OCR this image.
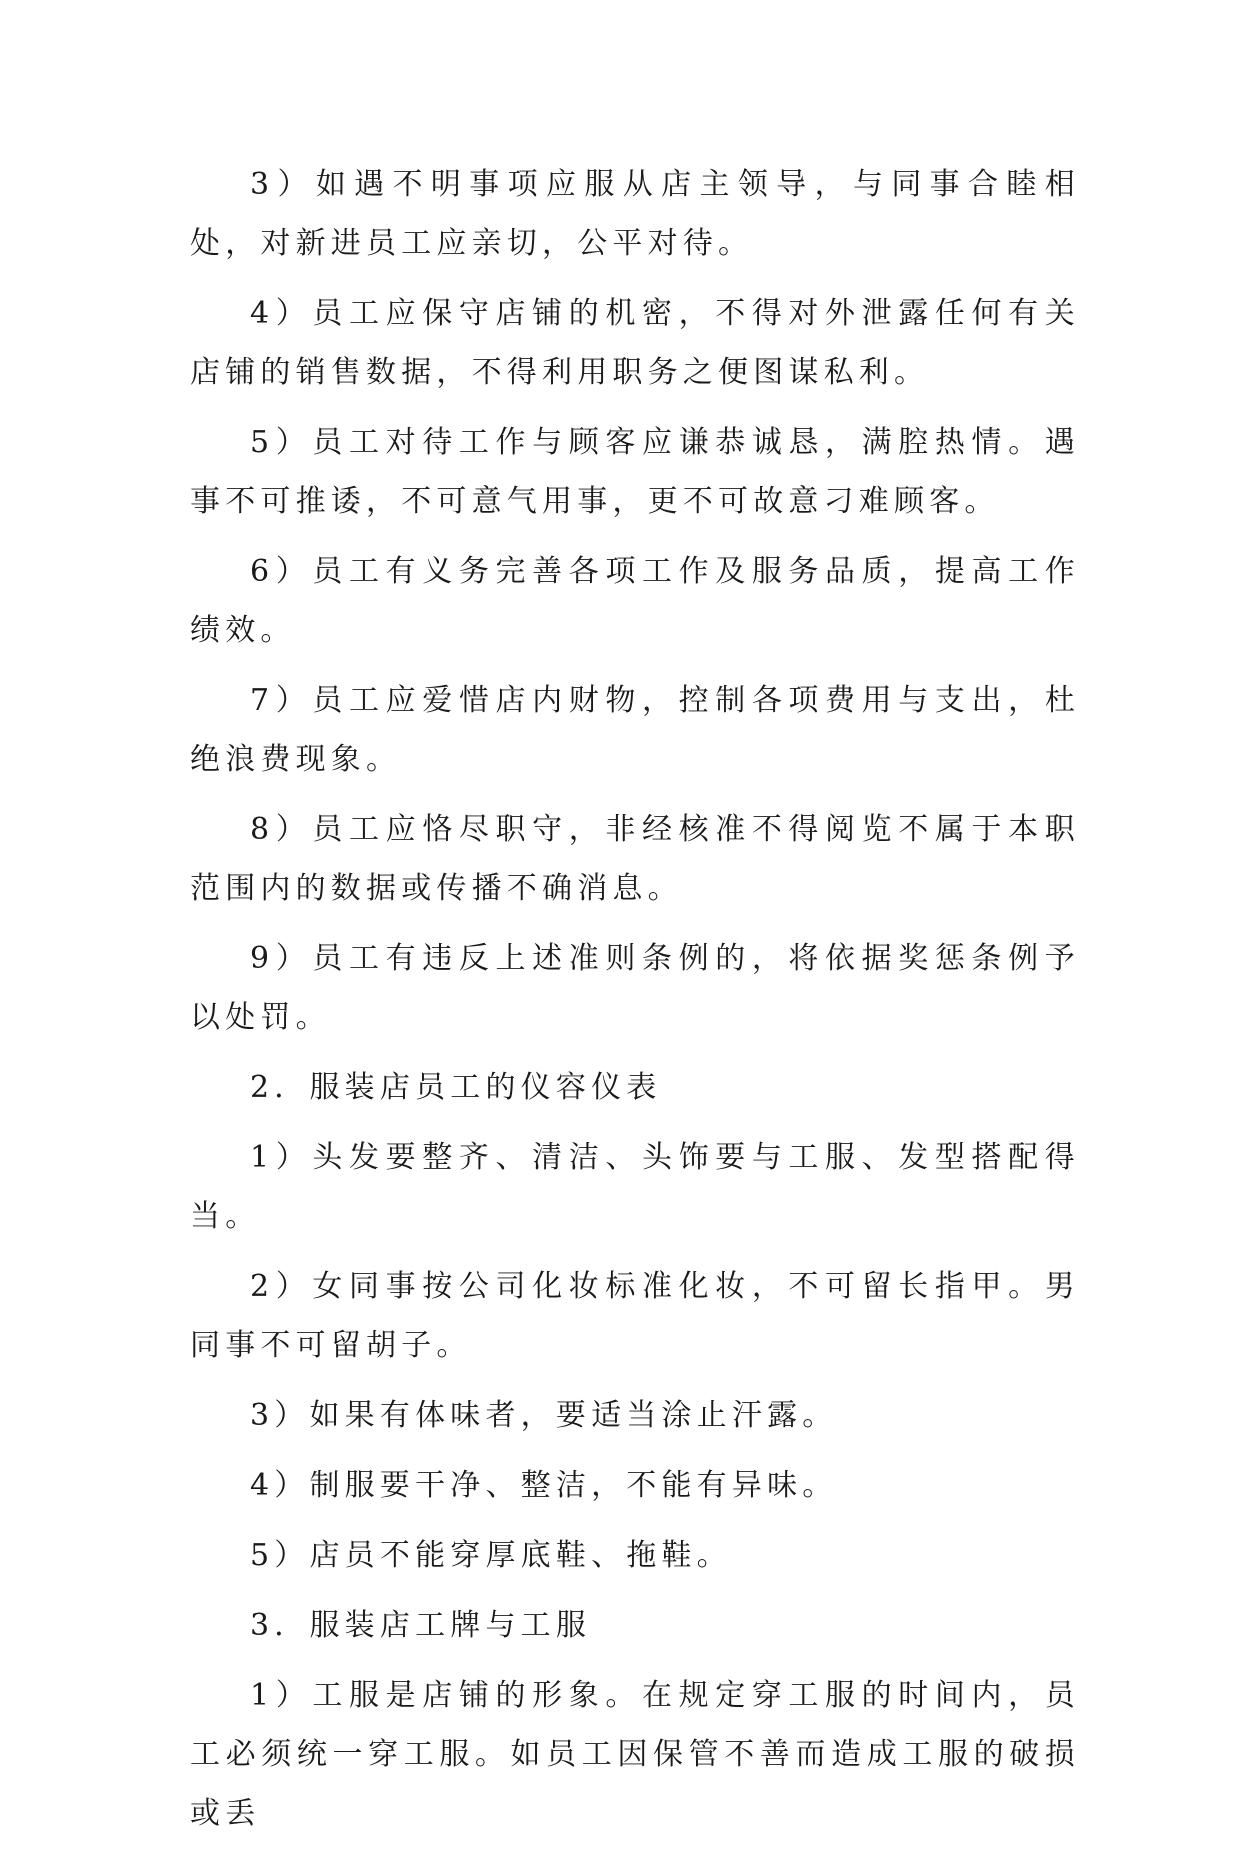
3）如遇不明事项应服从店主领导，与同事合睦相处，对新进员工应亲切，公平对待。

4）员工应保守店铺的机密，不得对外泄露任何有关店铺的销售数据，不得利用职务之便图谋私利。

5）员工对待工作与顾客应谦恭诚恳，满腔热情。遇事不可推诿，不可意气用事，更不可故意刁难顾客。

6）员工有义务完善各项工作及服务品质，提高工作绩效。

7）员工应爱惜店内财物，控制各项费用与支出，杜绝浪费现象。

8）员工应恪尽职守，非经核准不得阅览不属于本职范围内的数据或传播不确消息。

9）员工有违反上述准则条例的，将依据奖惩条例予以处罚。

2．服装店员工的仪容仪表

1）头发要整齐、清洁、头饰要与工服、发型搭配得当。

2）女同事按公司化妆标准化妆，不可留长指甲。男同事不可留胡子。

3）如果有体味者，要适当涂止汗露。

4）制服要干净、整洁，不能有异味。

5）店员不能穿厚底鞋、拖鞋。

3．服装店工牌与工服

1）工服是店铺的形象。在规定穿工服的时间内，员工必须统一穿工服。如员工因保管不善而造成工服的破损或丢
